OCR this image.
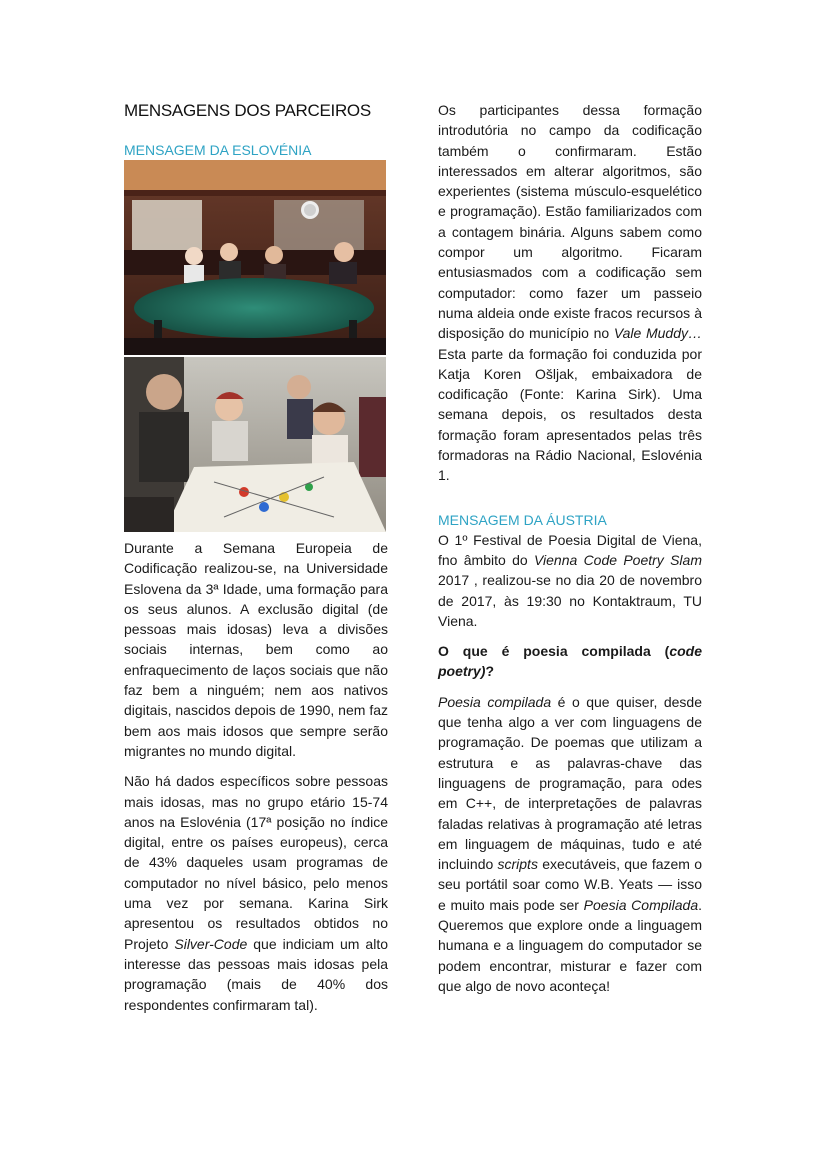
MENSAGENS DOS PARCEIROS
MENSAGEM DA ESLOVÉNIA

Durante a Semana Europeia de Codificação realizou-se, na Universidade Eslovena da 3ª Idade, uma formação para os seus alunos. A exclusão digital (de pessoas mais idosas) leva a divisões sociais internas, bem como ao enfraquecimento de laços sociais que não faz bem a ninguém; nem aos nativos digitais, nascidos depois de 1990, nem faz bem aos mais idosos que sempre serão migrantes no mundo digital.

Não há dados específicos sobre pessoas mais idosas, mas no grupo etário 15-74 anos na Eslovénia (17ª posição no índice digital, entre os países europeus), cerca de 43% daqueles usam programas de computador no nível básico, pelo menos uma vez por semana. Karina Sirk apresentou os resultados obtidos no Projeto Silver-Code que indiciam um alto interesse das pessoas mais idosas pela programação (mais de 40% dos respondentes confirmaram tal).

Os participantes dessa formação introdutória no campo da codificação também o confirmaram. Estão interessados em alterar algoritmos, são experientes (sistema músculo-esquelético e programação). Estão familiarizados com a contagem binária. Alguns sabem como compor um algoritmo. Ficaram entusiasmados com a codificação sem computador: como fazer um passeio numa aldeia onde existe fracos recursos à disposição do município no Vale Muddy… Esta parte da formação foi conduzida por Katja Koren Ošljak, embaixadora de codificação (Fonte: Karina Sirk). Uma semana depois, os resultados desta formação foram apresentados pelas três formadoras na Rádio Nacional, Eslovénia 1.

MENSAGEM DA ÁUSTRIA

O 1º Festival de Poesia Digital de Viena, fno âmbito do Vienna Code Poetry Slam 2017 , realizou-se no dia 20 de novembro de 2017, às 19:30 no Kontaktraum, TU Viena.

O que é poesia compilada (code poetry)?

Poesia compilada é o que quiser, desde que tenha algo a ver com linguagens de programação. De poemas que utilizam a estrutura e as palavras-chave das linguagens de programação, para odes em C++, de interpretações de palavras faladas relativas à programação até letras em linguagem de máquinas, tudo e até incluindo scripts executáveis, que fazem o seu portátil soar como W.B. Yeats — isso e muito mais pode ser Poesia Compilada. Queremos que explore onde a linguagem humana e a linguagem do computador se podem encontrar, misturar e fazer com que algo de novo aconteça!
